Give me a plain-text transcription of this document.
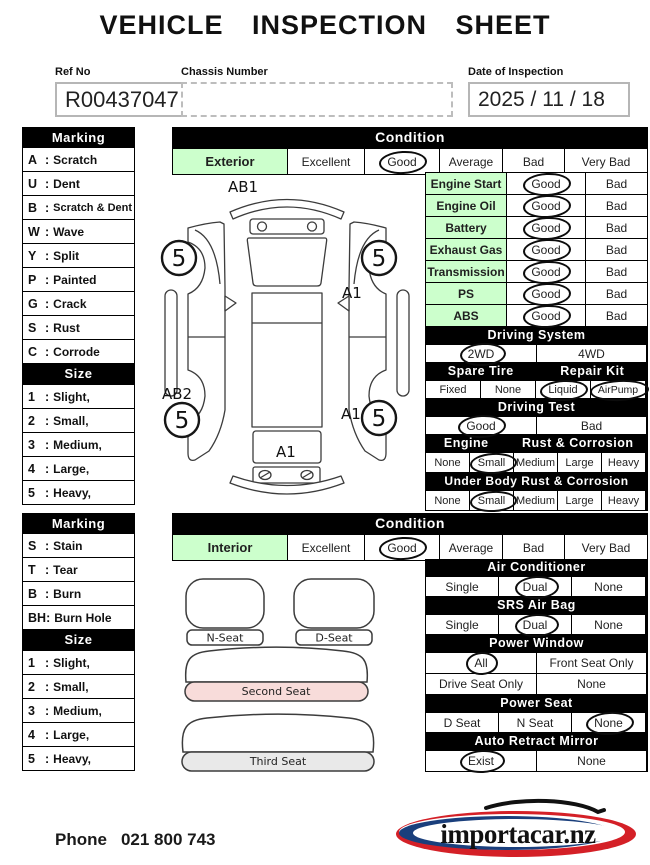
VEHICLE INSPECTION SHEET
Ref No
R00437047
Chassis Number	Date of Inspection
2025 / 11 / 18
Marking
A : Scratch
U : Dent
B : Scratch & Dent
W : Wave
Y : Split
P : Painted
G : Crack
S : Rust
C : Corrode
Size
1 : Slight,
2 : Small,
3 : Medium,
4 : Large,
5 : Heavy,
Condition
Exterior	Excellent	Good	Average Bad	Very Bad
5	5
5	5
AB1
A1
AB2
A1
A1
Engine Start	Good	Bad
Engine Oil	Good	Bad
Battery	Good	Bad
Exhaust Gas	Good	Bad
Transmission Good	Bad
PS	Good	Bad
ABS	Good	Bad
Driving System
2WD	4WD
Spare Tire	Repair Kit
Fixed	None Liquid AirPump
Driving Test
Good	Bad
Engine	Rust & Corrosion
None Small Medium Large Heavy
Under Body Rust & Corrosion
None Small Medium Large Heavy
Marking
S : Stain
T : Tear
B : Burn
BH : Burn Hole
Size
1 : Slight,
2 : Small,
3 : Medium,
4 : Large,
5 : Heavy,
Condition
Interior	Excellent	Good	Average Bad	Very Bad
N-Seat	D-Seat
Second Seat
Third Seat
Air Conditioner
Single	Dual	None
SRS Air Bag
Single	Dual	None
Power Window
All	Front Seat Only
Drive Seat Only	None
Power Seat
D Seat	N Seat	None
Auto Retract Mirror
Exist	None
Phone 021 800 743	importacar.nz
